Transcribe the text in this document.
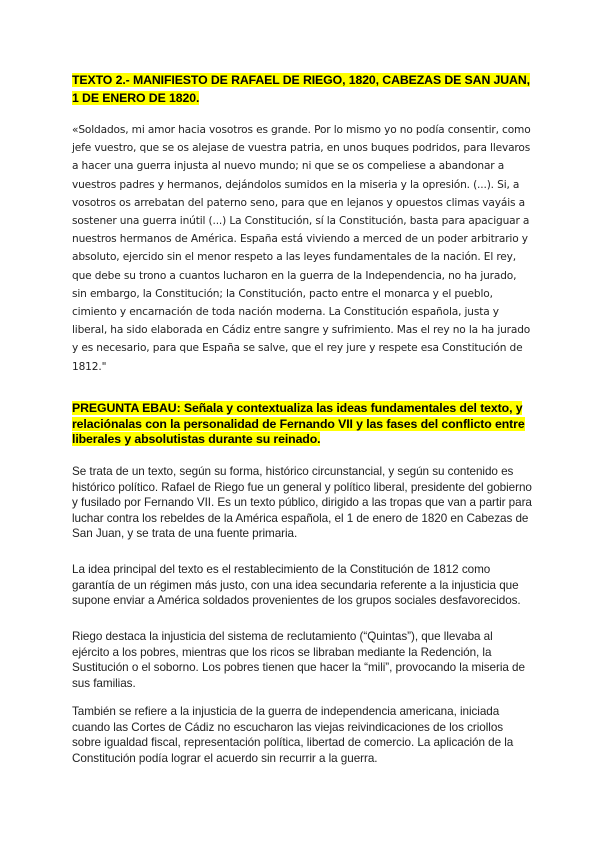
TEXTO 2.- MANIFIESTO DE RAFAEL DE RIEGO, 1820, CABEZAS DE SAN JUAN, 1 DE ENERO DE 1820.

«Soldados, mi amor hacia vosotros es grande. Por lo mismo yo no podía consentir, como jefe vuestro, que se os alejase de vuestra patria, en unos buques podridos, para llevaros a hacer una guerra injusta al nuevo mundo; ni que se os compeliese a abandonar a vuestros padres y hermanos, dejándolos sumidos en la miseria y la opresión. (...). Si, a vosotros os arrebatan del paterno seno, para que en lejanos y opuestos climas vayáis a sostener una guerra inútil (...) La Constitución, sí la Constitución, basta para apaciguar a nuestros hermanos de América. España está viviendo a merced de un poder arbitrario y absoluto, ejercido sin el menor respeto a las leyes fundamentales de la nación. El rey, que debe su trono a cuantos lucharon en la guerra de la Independencia, no ha jurado, sin embargo, la Constitución; la Constitución, pacto entre el monarca y el pueblo, cimiento y encarnación de toda nación moderna. La Constitución española, justa y liberal, ha sido elaborada en Cádiz entre sangre y sufrimiento. Mas el rey no la ha jurado y es necesario, para que España se salve, que el rey jure y respete esa Constitución de 1812."

PREGUNTA EBAU: Señala y contextualiza las ideas fundamentales del texto, y relaciónalas con la personalidad de Fernando VII y las fases del conflicto entre liberales y absolutistas durante su reinado.

Se trata de un texto, según su forma, histórico circunstancial, y según su contenido es histórico político. Rafael de Riego fue un general y político liberal, presidente del gobierno y fusilado por Fernando VII. Es un texto público, dirigido a las tropas que van a partir para luchar contra los rebeldes de la América española, el 1 de enero de 1820 en Cabezas de San Juan, y se trata de una fuente primaria.

La idea principal del texto es el restablecimiento de la Constitución de 1812 como garantía de un régimen más justo, con una idea secundaria referente a la injusticia que supone enviar a América soldados provenientes de los grupos sociales desfavorecidos.

Riego destaca la injusticia del sistema de reclutamiento (“Quintas”), que llevaba al ejército a los pobres, mientras que los ricos se libraban mediante la Redención, la Sustitución o el soborno. Los pobres tienen que hacer la “mili”, provocando la miseria de sus familias.

También se refiere a la injusticia de la guerra de independencia americana, iniciada cuando las Cortes de Cádiz no escucharon las viejas reivindicaciones de los criollos sobre igualdad fiscal, representación política, libertad de comercio. La aplicación de la Constitución podía lograr el acuerdo sin recurrir a la guerra.
